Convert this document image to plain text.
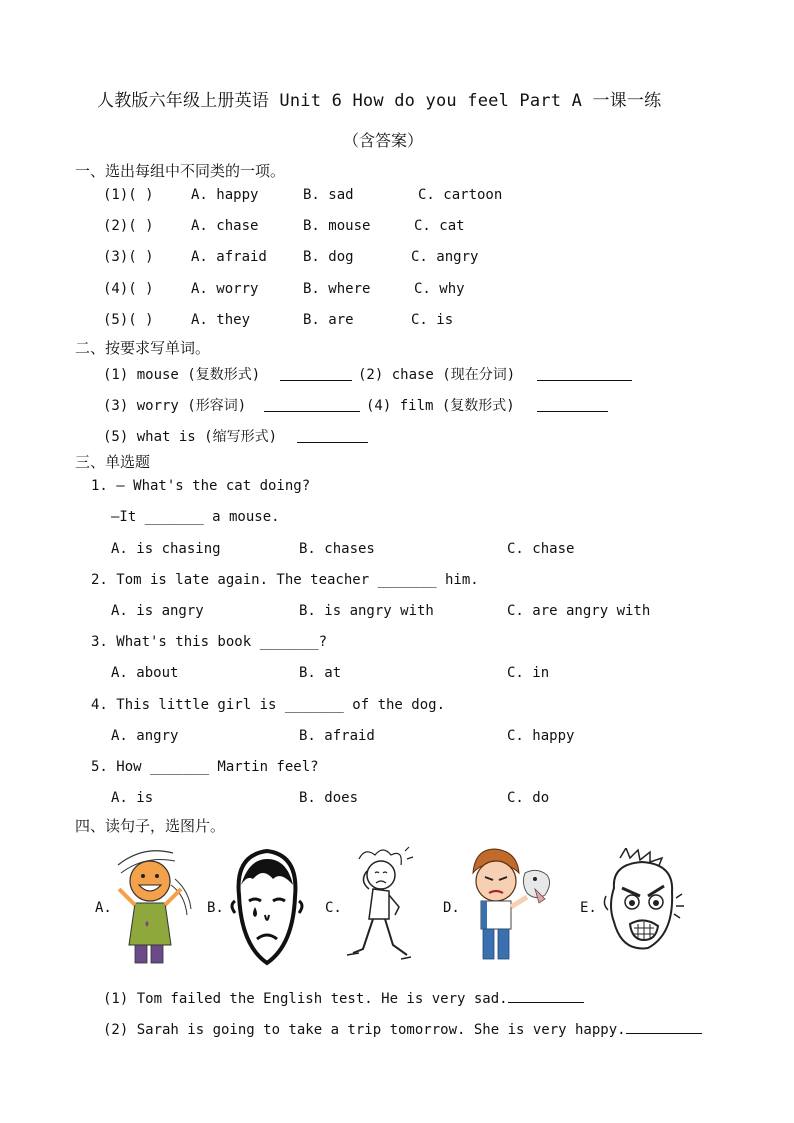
人教版六年级上册英语 Unit 6 How do you feel Part A 一课一练
（含答案）
一、选出每组中不同类的一项。
(1)( )	A. happy	B. sad	C. cartoon
(2)( )	A. chase	B. mouse	C. cat
(3)( )	A. afraid	B. dog	C. angry
(4)( )	A. worry	B. where	C. why
(5)( )	A. they	B. are	C. is
二、按要求写单词。
(1) mouse (复数形式)	(2) chase (现在分词)
(3) worry (形容词)	(4) film (复数形式)
(5) what is (缩写形式)
三、单选题
1. — What's the cat doing?
—It _______ a mouse.
A. is chasing	B. chases	C. chase
2. Tom is late again. The teacher _______ him.
A. is angry	B. is angry with	C. are angry with
3. What's this book _______?
A. about	B. at	C. in
4. This little girl is _______ of the dog.
A. angry	B. afraid	C. happy
5. How _______ Martin feel?
A. is	B. does	C. do
四、读句子，选图片。
A.	B.	C.	D.	E.
(1) Tom failed the English test. He is very sad.
(2) Sarah is going to take a trip tomorrow. She is very happy.
